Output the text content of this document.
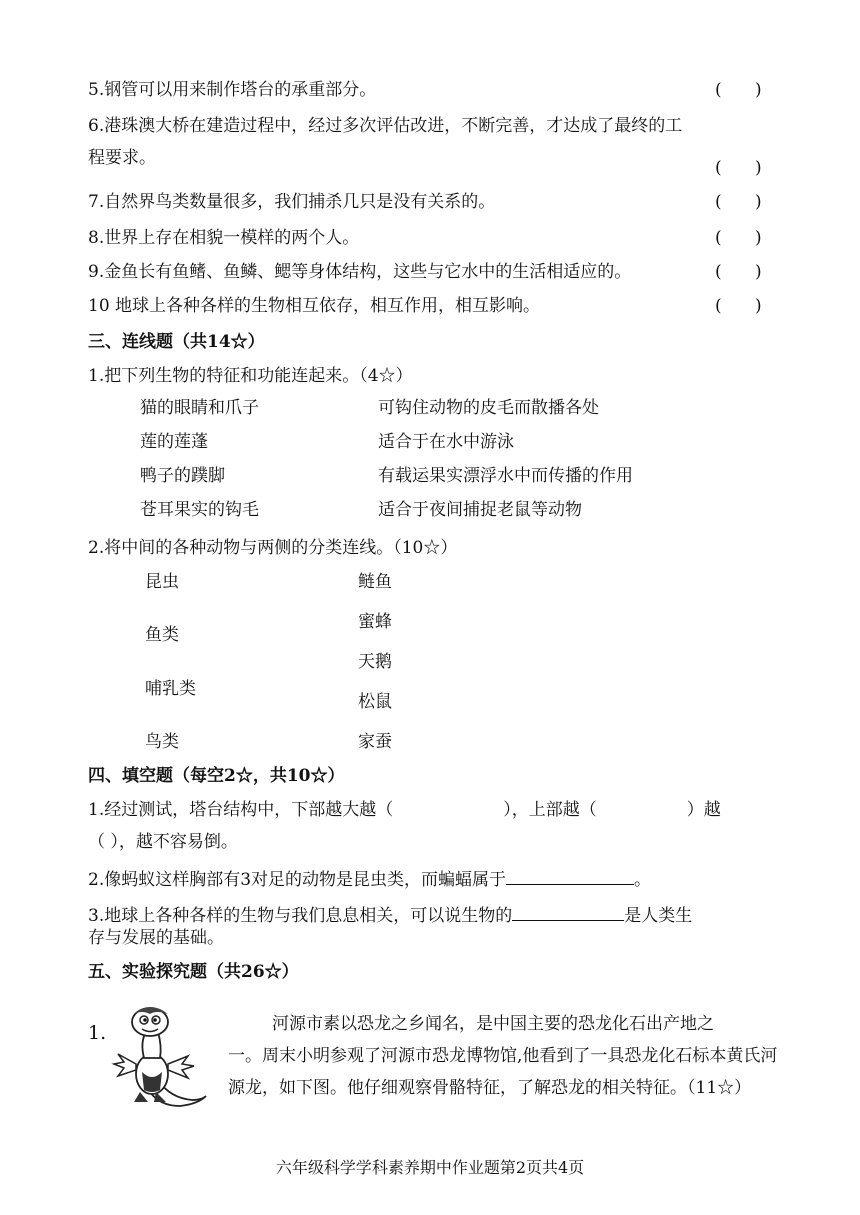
5.钢管可以用来制作塔台的承重部分。	( )
6.港珠澳大桥在建造过程中，经过多次评估改进，不断完善，才达成了最终的工
程要求。	( )
7.自然界鸟类数量很多，我们捕杀几只是没有关系的。	( )
8.世界上存在相貌一模样的两个人。	( )
9.金鱼长有鱼鳍、鱼鳞、鳃等身体结构，这些与它水中的生活相适应的。	( )
10 地球上各种各样的生物相互依存，相互作用，相互影响。	( )
三、连线题（共14☆）
1.把下列生物的特征和功能连起来。（4☆）
猫的眼睛和爪子	可钩住动物的皮毛而散播各处
莲的莲蓬	适合于在水中游泳
鸭子的蹼脚	有载运果实漂浮水中而传播的作用
苍耳果实的钩毛	适合于夜间捕捉老鼠等动物
2.将中间的各种动物与两侧的分类连线。（10☆）
昆虫	鲢鱼
蜜蜂
鱼类
天鹅
哺乳类
松鼠
鸟类	家蚕
四、填空题（每空2☆，共10☆）
1.经过测试，塔台结构中，下部越大越（	），上部越（	）越
（ ），越不容易倒。
2.像蚂蚁这样胸部有3对足的动物是昆虫类，而蝙蝠属于	。
3.地球上各种各样的生物与我们息息相关，可以说生物的	是人类生
存与发展的基础。
五、实验探究题（共26☆）
1.	河源市素以恐龙之乡闻名，是中国主要的恐龙化石出产地之
一。周末小明参观了河源市恐龙博物馆,他看到了一具恐龙化石标本黄氏河源龙，如下图。他仔细观察骨骼特征，了解恐龙的相关特征。（11☆）
六年级科学学科素养期中作业题第2页共4页
